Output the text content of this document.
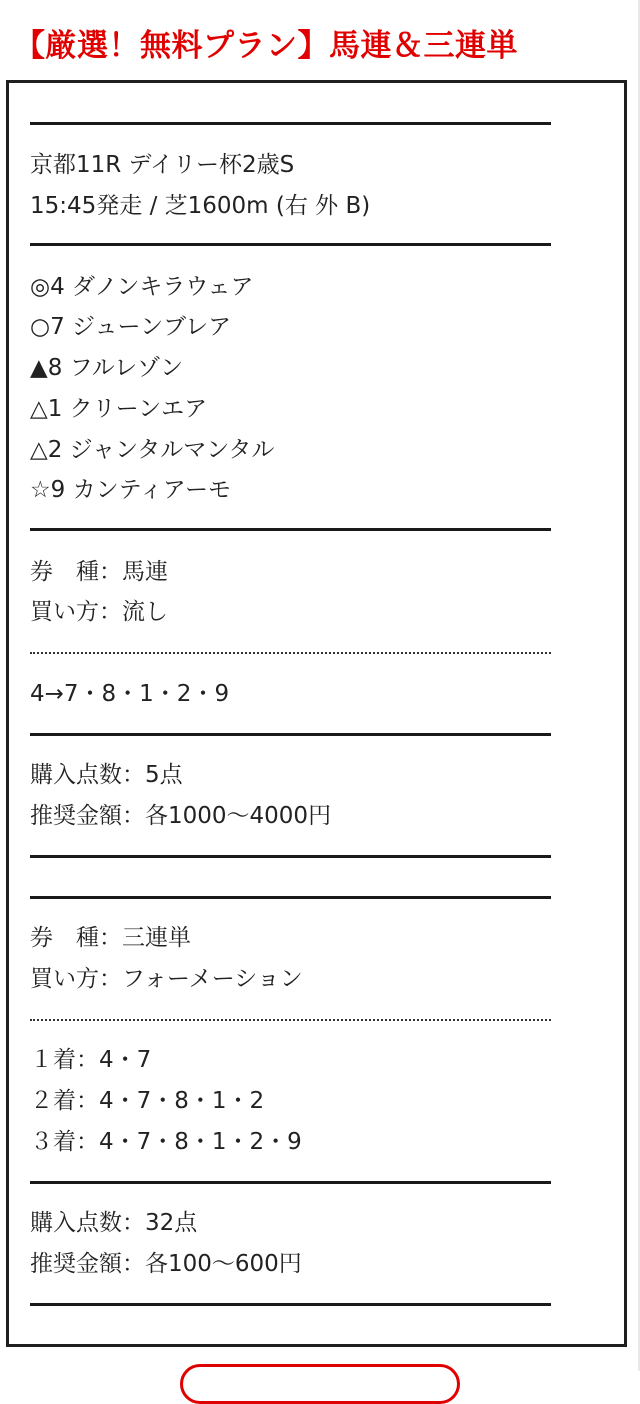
【厳選！無料プラン】馬連＆三連単
京都11R デイリー杯2歳S
15:45発走 / 芝1600m (右 外 B)
◎4 ダノンキラウェア
○7 ジューンブレア
▲8 フルレゾン
△1 クリーンエア
△2 ジャンタルマンタル
☆9 カンティアーモ
券　種：馬連
買い方：流し
4→7・8・1・2・9
購入点数：5点
推奨金額：各1000〜4000円
券　種：三連単
買い方：フォーメーション
１着：4・7
２着：4・7・8・1・2
３着：4・7・8・1・2・9
購入点数：32点
推奨金額：各100〜600円
